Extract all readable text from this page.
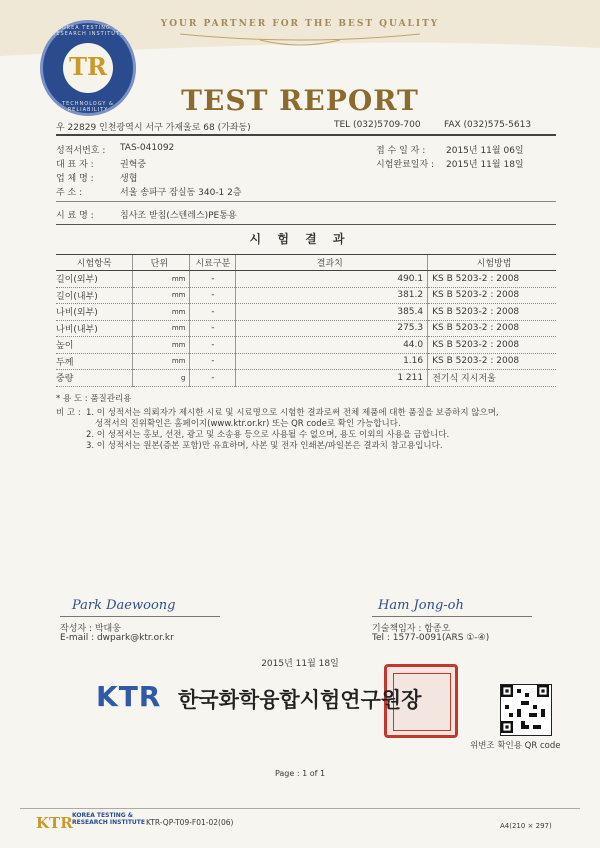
YOUR PARTNER FOR THE BEST QUALITY
KOREA TESTING & RESEARCH INSTITUTE
TR
TECHNOLOGY & RELIABILITY	TEST REPORT
우 22829 인천광역시 서구 가재울로 68 (가좌동)	TEL (032)5709-700	FAX (032)575-5613
성적서번호 :	TAS-041092
대 표 자 :	권혁중
업 체 명 :	생협
주 소 :	서울 송파구 잠실동 340-1 2층
접 수 일 자 :	2015년 11월 06일
시험완료일자 :	2015년 11월 18일
시 료 명 :	침사조 받침(스텐레스)PE통용
시 험 결 과
시험항목	단위	시료구분	결과치	시험방법
길이(외부)	mm	-	490.1	KS B 5203-2 : 2008
길이(내부)	mm	-	381.2	KS B 5203-2 : 2008
나비(외부)	mm	-	385.4	KS B 5203-2 : 2008
나비(내부)	mm	-	275.3	KS B 5203-2 : 2008
높이	mm	-	44.0	KS B 5203-2 : 2008
두께	mm	-	1.16	KS B 5203-2 : 2008
중량	g	-	1 211	전기식 지시저울
* 용 도 : 품질관리용
비 고 : 1. 이 성적서는 의뢰자가 제시한 시료 및 시료명으로 시험한 결과로써 전체 제품에 대한 품질을 보증하지 않으며,
성적서의 진위확인은 홈페이지(www.ktr.or.kr) 또는 QR code로 확인 가능합니다.
2. 이 성적서는 홍보, 선전, 광고 및 소송용 등으로 사용될 수 없으며, 용도 이외의 사용을 금합니다.
3. 이 성적서는 원본(증본 포함)만 유효하며, 사본 및 전자 인쇄본/파일본은 결과치 참고용입니다.
Park Daewoong
작성자 : 박대웅
E-mail : dwpark@ktr.or.kr
Ham Jong-oh
기술책임자 : 함종오
Tel : 1577-0091(ARS ①-④)
2015년 11월 18일
KTR 한국화학융합시험연구원장
위변조 확인용 QR code
Page : 1 of 1
KTR KOREA TESTING &
RESEARCH INSTITUTE KTR-QP-T09-F01-02(06)	A4(210 × 297)
